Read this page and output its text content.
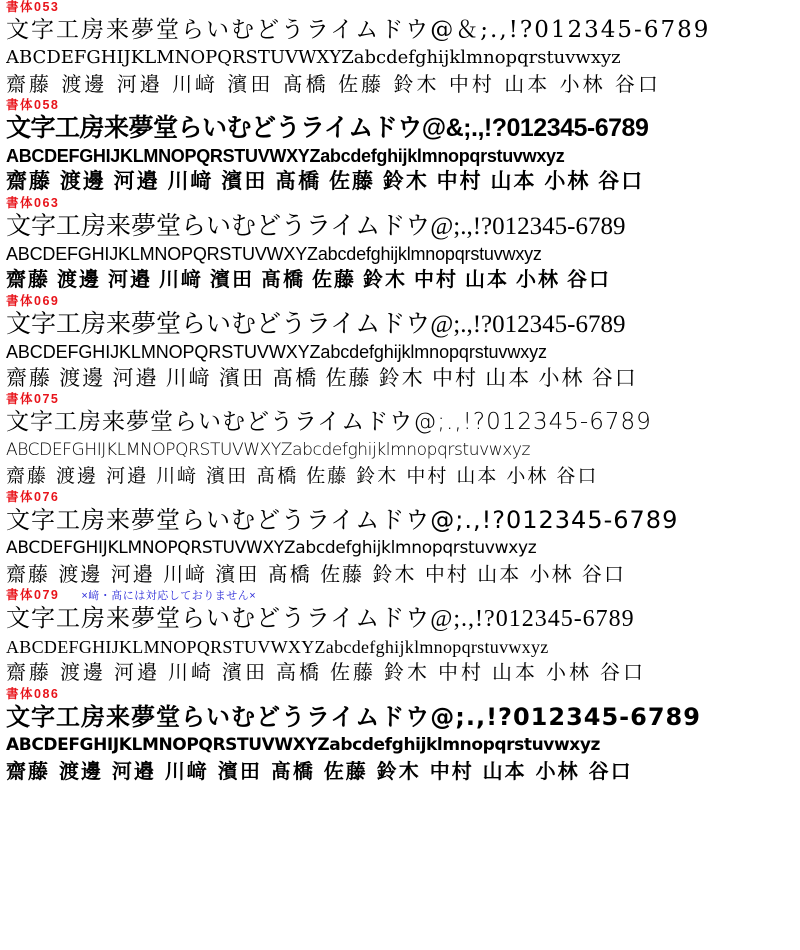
書体053
文字工房来夢堂らいむどうライムドウ@＆;.,!?012345-6789
ABCDEFGHIJKLMNOPQRSTUVWXYZabcdefghijklmnopqrstuvwxyz
齋藤 渡邊 河邉 川﨑 濱田 髙橋 佐藤 鈴木 中村 山本 小林 谷口
書体058
文字工房来夢堂らいむどうライムドウ@&;.,!?012345-6789
ABCDEFGHIJKLMNOPQRSTUVWXYZabcdefghijklmnopqrstuvwxyz
齋藤 渡邊 河邉 川﨑 濱田 髙橋 佐藤 鈴木 中村 山本 小林 谷口
書体063
文字工房来夢堂らいむどうライムドウ@;.,!?012345-6789
ABCDEFGHIJKLMNOPQRSTUVWXYZabcdefghijklmnopqrstuvwxyz
齋藤 渡邊 河邉 川﨑 濱田 髙橋 佐藤 鈴木 中村 山本 小林 谷口
書体069
文字工房来夢堂らいむどうライムドウ@;.,!?012345-6789
ABCDEFGHIJKLMNOPQRSTUVWXYZabcdefghijklmnopqrstuvwxyz
齋藤 渡邊 河邉 川﨑 濱田 髙橋 佐藤 鈴木 中村 山本 小林 谷口
書体075
文字工房来夢堂らいむどうライムドウ@;.,!?012345-6789
ABCDEFGHIJKLMNOPQRSTUVWXYZabcdefghijklmnopqrstuvwxyz
齋藤 渡邊 河邉 川﨑 濱田 髙橋 佐藤 鈴木 中村 山本 小林 谷口
書体076
文字工房来夢堂らいむどうライムドウ@;.,!?012345-6789
ABCDEFGHIJKLMNOPQRSTUVWXYZabcdefghijklmnopqrstuvwxyz
齋藤 渡邊 河邉 川﨑 濱田 髙橋 佐藤 鈴木 中村 山本 小林 谷口
書体079 ×﨑・髙には対応しておりません×
文字工房来夢堂らいむどうライムドウ@;.,!?012345-6789
ABCDEFGHIJKLMNOPQRSTUVWXYZabcdefghijklmnopqrstuvwxyz
齋藤 渡邊 河邉 川崎 濱田 高橋 佐藤 鈴木 中村 山本 小林 谷口
書体086
文字工房来夢堂らいむどうライムドウ@;.,!?012345-6789
ABCDEFGHIJKLMNOPQRSTUVWXYZabcdefghijklmnopqrstuvwxyz
齋藤 渡邊 河邉 川﨑 濱田 髙橋 佐藤 鈴木 中村 山本 小林 谷口
